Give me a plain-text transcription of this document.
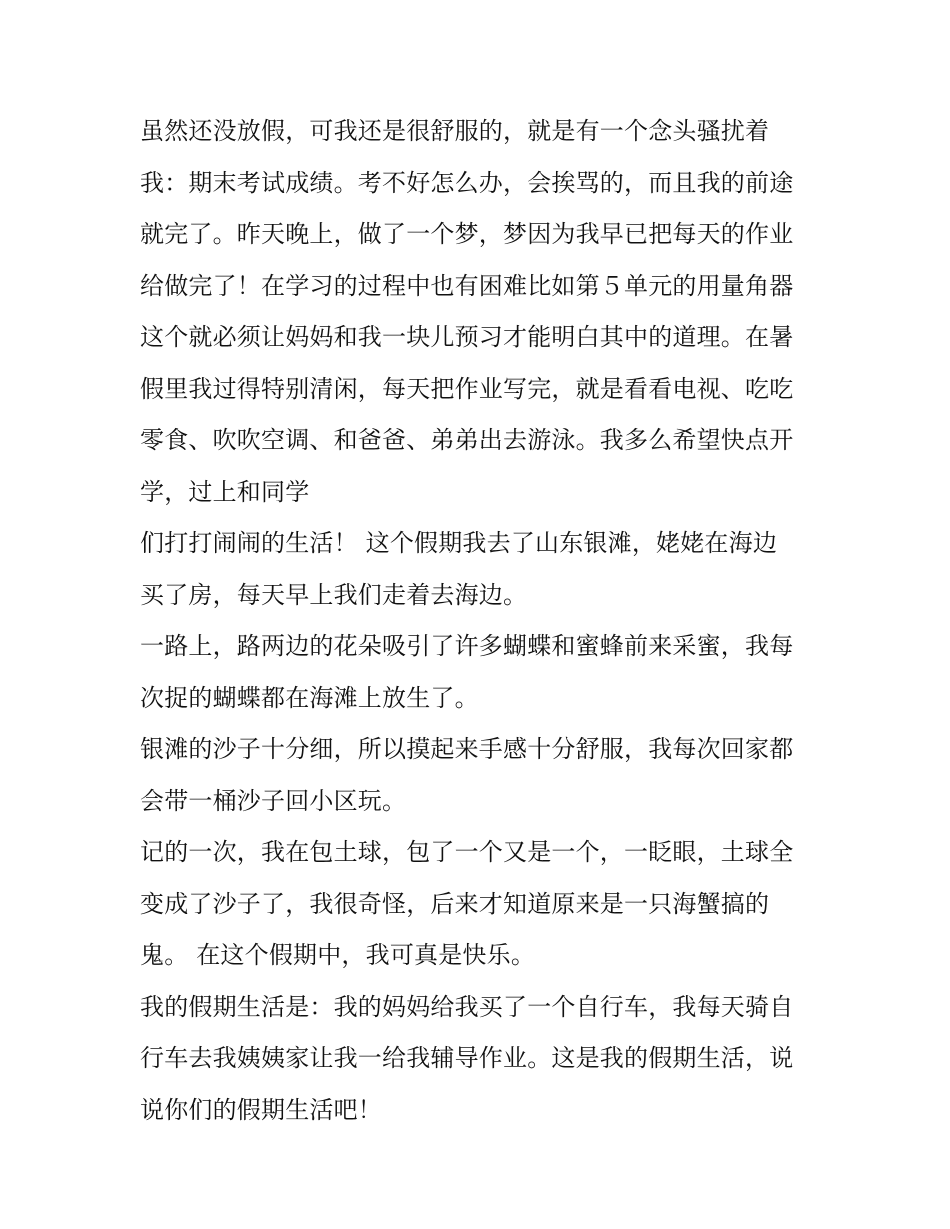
虽然还没放假，可我还是很舒服的，就是有一个念头骚扰着
我：期末考试成绩。考不好怎么办，会挨骂的，而且我的前途
就完了。昨天晚上，做了一个梦，梦因为我早已把每天的作业
给做完了！在学习的过程中也有困难比如第５单元的用量角器
这个就必须让妈妈和我一块儿预习才能明白其中的道理。在暑
假里我过得特别清闲，每天把作业写完，就是看看电视、吃吃
零食、吹吹空调、和爸爸、弟弟出去游泳。我多么希望快点开
学，过上和同学
们打打闹闹的生活！ 这个假期我去了山东银滩，姥姥在海边
买了房，每天早上我们走着去海边。
一路上，路两边的花朵吸引了许多蝴蝶和蜜蜂前来采蜜，我每
次捉的蝴蝶都在海滩上放生了。
银滩的沙子十分细，所以摸起来手感十分舒服，我每次回家都
会带一桶沙子回小区玩。
记的一次，我在包土球，包了一个又是一个，一眨眼，土球全
变成了沙子了，我很奇怪，后来才知道原来是一只海蟹搞的
鬼。 在这个假期中，我可真是快乐。
我的假期生活是：我的妈妈给我买了一个自行车，我每天骑自
行车去我姨姨家让我一给我辅导作业。这是我的假期生活，说
说你们的假期生活吧！
